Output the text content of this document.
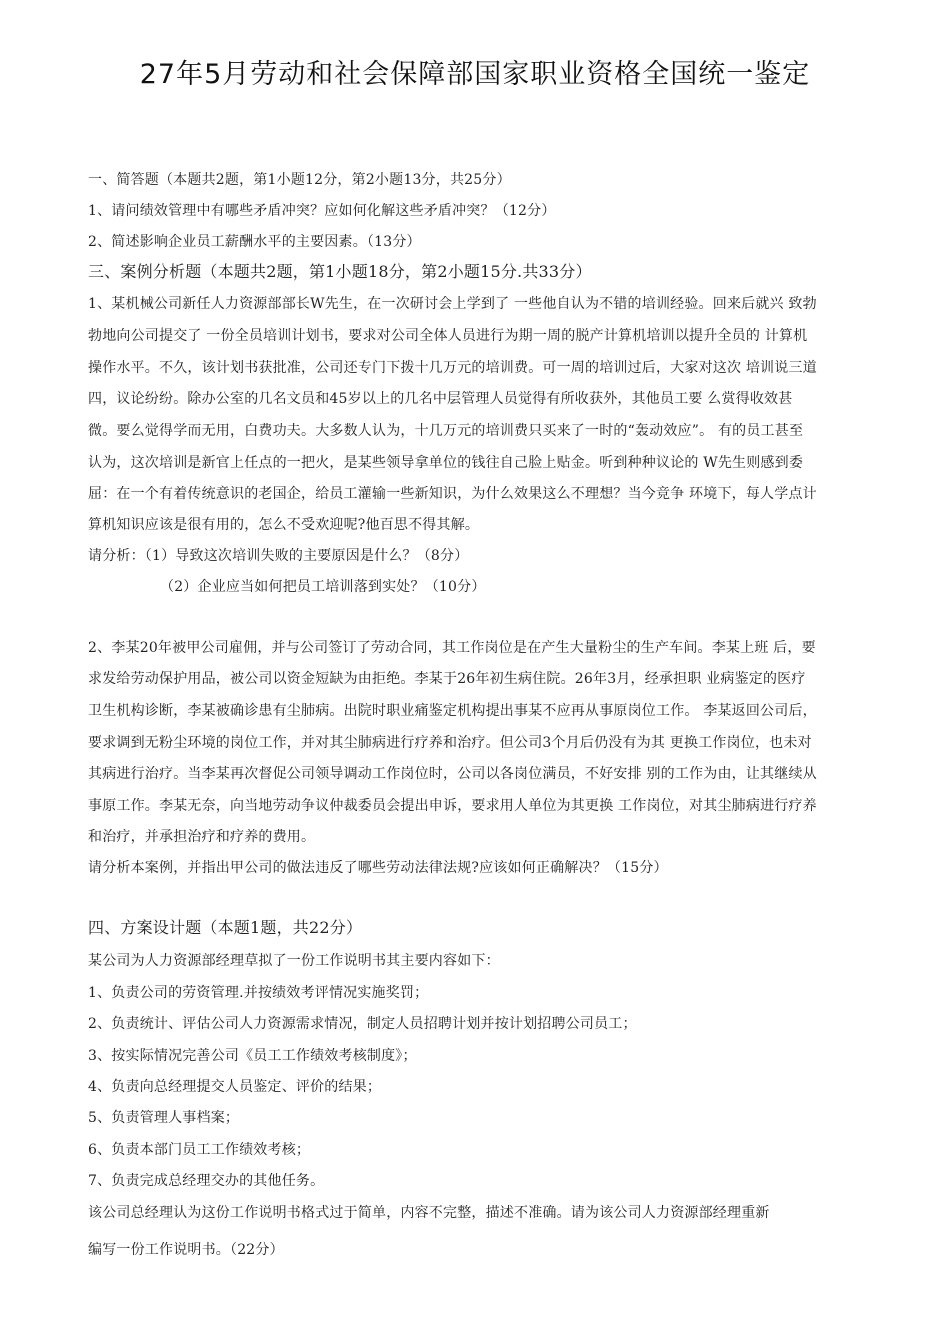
27年5月劳动和社会保障部国家职业资格全国统一鉴定
一、简答题（本题共2题，第1小题12分，第2小题13分，共25分）
1、请问绩效管理中有哪些矛盾冲突？应如何化解这些矛盾冲突？（12分）
2、简述影响企业员工薪酬水平的主要因素。（13分）
三、案例分析题（本题共2题，第1小题18分，第2小题15分.共33分）
1、某机械公司新任人力资源部部长W先生，在一次研讨会上学到了 一些他自认为不错的培训经验。回来后就兴 致勃
勃地向公司提交了 一份全员培训计划书，要求对公司全体人员进行为期一周的脱产计算机培训以提升全员的 计算机
操作水平。不久，该计划书获批准，公司还专门下拨十几万元的培训费。可一周的培训过后，大家对这次 培训说三道
四，议论纷纷。除办公室的几名文员和45岁以上的几名中层管理人员觉得有所收获外，其他员工要 么赏得收效甚
微。要么觉得学而无用，白费功夫。大多数人认为，十几万元的培训费只买来了一时的“轰动效应”。 有的员工甚至
认为，这次培训是新官上任点的一把火，是某些领导拿单位的钱往自己脸上贴金。听到种种议论的 W先生则感到委
屈：在一个有着传统意识的老国企，给员工灌输一些新知识，为什么效果这么不理想？当今竞争 环境下，每人学点计
算机知识应该是很有用的，怎么不受欢迎呢?他百思不得其解。
请分析：（1）导致这次培训失败的主要原因是什么？（8分）
（2）企业应当如何把员工培训落到实处？（10分）
2、李某20年被甲公司雇佣，并与公司签订了劳动合同，其工作岗位是在产生大量粉尘的生产车间。李某上班 后，要
求发给劳动保护用品，被公司以资金短缺为由拒绝。李某于26年初生病住院。26年3月，经承担职 业病鉴定的医疗
卫生机构诊断，李某被确诊患有尘肺病。出院时职业痛鉴定机构提出事某不应再从事原岗位工作。 李某返回公司后，
要求调到无粉尘环境的岗位工作，并对其尘肺病进行疗养和治疗。但公司3个月后仍没有为其 更换工作岗位，也未对
其病进行治疗。当李某再次督促公司领导调动工作岗位时，公司以各岗位满员，不好安排 别的工作为由，让其继续从
事原工作。李某无奈，向当地劳动争议仲裁委员会提出申诉，要求用人单位为其更换 工作岗位，对其尘肺病进行疗养
和治疗，并承担治疗和疗养的费用。
请分析本案例，并指出甲公司的做法违反了哪些劳动法律法规?应该如何正确解决？（15分）
四、方案设计题（本题1题，共22分）
某公司为人力资源部经理草拟了一份工作说明书其主要内容如下：
1、负责公司的劳资管理.并按绩效考评情况实施奖罚；
2、负责统计、评估公司人力资源需求情况，制定人员招聘计划并按计划招聘公司员工；
3、按实际情况完善公司《员工工作绩效考核制度》；
4、负责向总经理提交人员鉴定、评价的结果；
5、负责管理人事档案；
6、负责本部门员工工作绩效考核；
7、负责完成总经理交办的其他任务。
该公司总经理认为这份工作说明书格式过于简单，内容不完整，描述不准确。请为该公司人力资源部经理重新
编写一份工作说明书。（22分）
